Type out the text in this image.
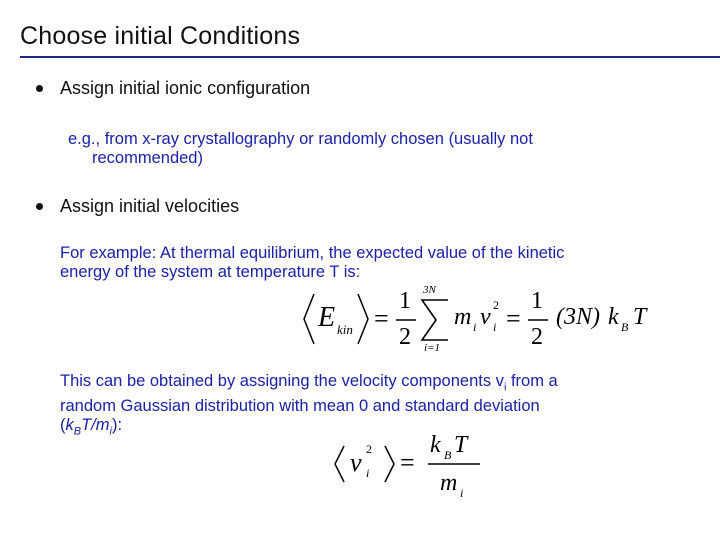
Choose initial Conditions
Assign initial ionic configuration
e.g., from x-ray crystallography or randomly chosen (usually not
recommended)
Assign initial velocities
For example: At thermal equilibrium, the expected value of the kinetic
energy of the system at temperature T is:
E kin =
1
2
3N
i=1
m i v i
2 =
1
2
(3N) k B T
This can be obtained by assigning the velocity components $v_i$ from a
random Gaussian distribution with mean 0 and standard deviation
$(k_BT/m_i)$:
v i
2 =
k B T
m i
